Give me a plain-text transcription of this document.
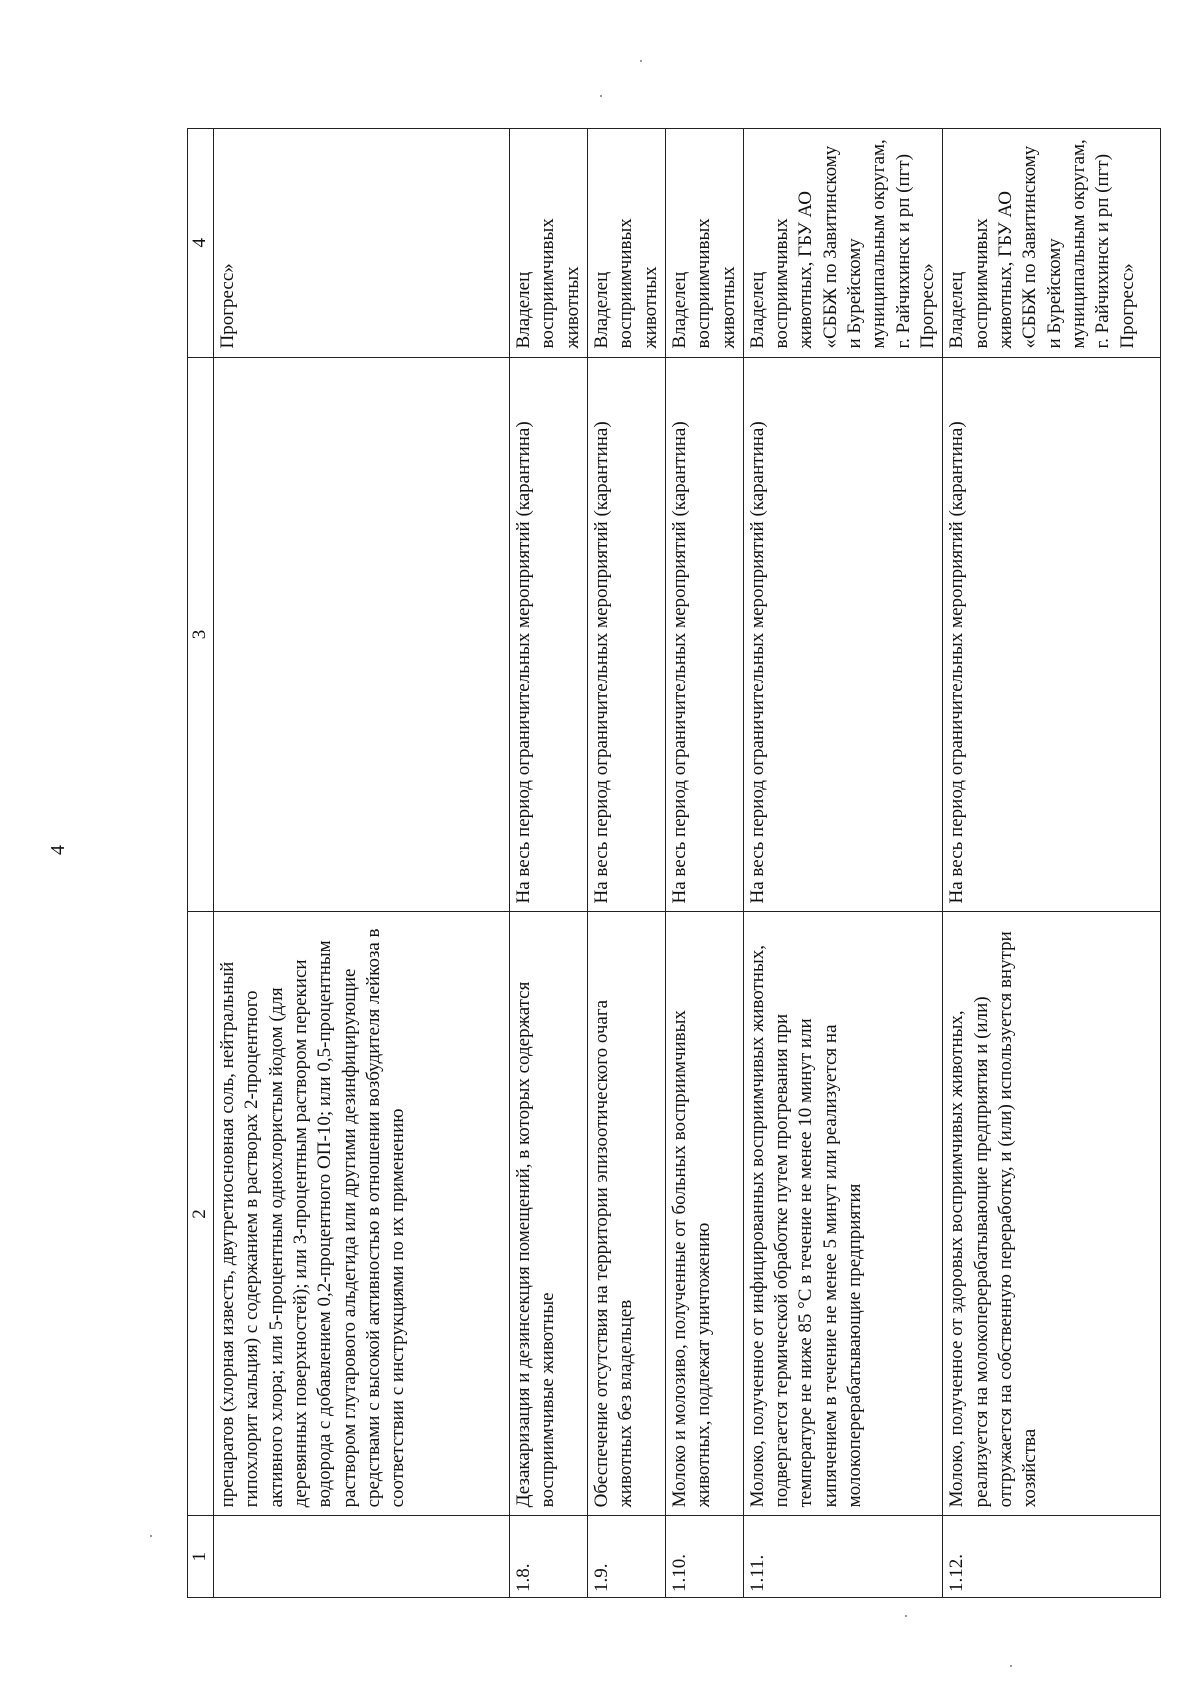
4
1	2	3	4
	препаратов (хлорная известь, двутретиосновная соль, нейтральный гипохлорит кальция) с содержанием в растворах 2-процентного активного хлора; или 5-процентным однохлористым йодом (для деревянных поверхностей); или 3-процентным раствором перекиси водорода с добавлением 0,2-процентного ОП-10; или 0,5-процентным раствором глутарового альдегида или другими дезинфицирующие средствами с высокой активностью в отношении возбудителя лейкоза в соответствии с инструкциями по их применению		Прогресс»
1.8.	Дезакаризация и дезинсекция помещений, в которых содержатся восприимчивые животные	На весь период ограничительных мероприятий (карантина)	Владелец восприимчивых животных
1.9.	Обеспечение отсутствия на территории эпизоотического очага животных без владельцев	На весь период ограничительных мероприятий (карантина)	Владелец восприимчивых животных
1.10.	Молоко и молозиво, полученные от больных восприимчивых животных, подлежат уничтожению	На весь период ограничительных мероприятий (карантина)	Владелец восприимчивых животных
1.11.	Молоко, полученное от инфицированных восприимчивых животных, подвергается термической обработке путем прогревания при температуре не ниже 85 °С в течение не менее 10 минут или кипячением в течение не менее 5 минут или реализуется на молокоперерабатывающие предприятия	На весь период ограничительных мероприятий (карантина)	Владелец восприимчивых животных, ГБУ АО «СББЖ по Завитинскому и Бурейскому муниципальным округам, г. Райчихинск и рп (пгт) Прогресс»
1.12.	Молоко, полученное от здоровых восприимчивых животных, реализуется на молокоперерабатывающие предприятия и (или) отгружается на собственную переработку, и (или) используется внутри хозяйства	На весь период ограничительных мероприятий (карантина)	Владелец восприимчивых животных, ГБУ АО «СББЖ по Завитинскому и Бурейскому муниципальным округам, г. Райчихинск и рп (пгт) Прогресс»
